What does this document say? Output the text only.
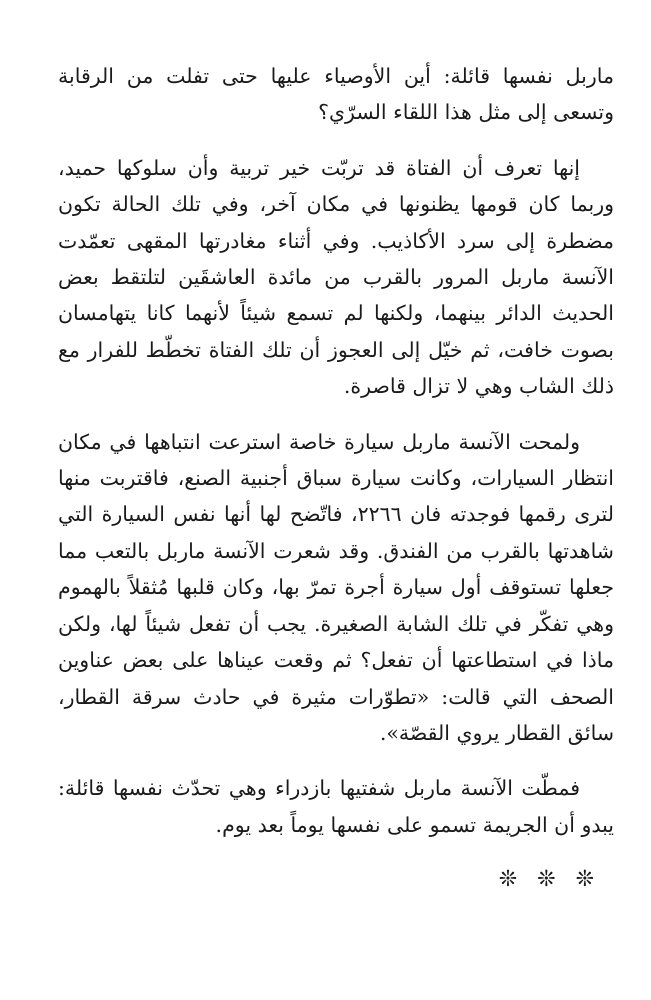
ماربل نفسها قائلة: أين الأوصياء عليها حتى تفلت من الرقابة وتسعى إلى مثل هذا اللقاء السرّي؟

إنها تعرف أن الفتاة قد تربّت خير تربية وأن سلوكها حميد، وربما كان قومها يظنونها في مكان آخر، وفي تلك الحالة تكون مضطرة إلى سرد الأكاذيب. وفي أثناء مغادرتها المقهى تعمّدت الآنسة ماربل المرور بالقرب من مائدة العاشقَين لتلتقط بعض الحديث الدائر بينهما، ولكنها لم تسمع شيئاً لأنهما كانا يتهامسان بصوت خافت، ثم خيّل إلى العجوز أن تلك الفتاة تخطّط للفرار مع ذلك الشاب وهي لا تزال قاصرة.

ولمحت الآنسة ماربل سيارة خاصة استرعت انتباهها في مكان انتظار السيارات، وكانت سيارة سباق أجنبية الصنع، فاقتربت منها لترى رقمها فوجدته فان ٢٢٦٦، فاتّضح لها أنها نفس السيارة التي شاهدتها بالقرب من الفندق. وقد شعرت الآنسة ماربل بالتعب مما جعلها تستوقف أول سيارة أجرة تمرّ بها، وكان قلبها مُثقلاً بالهموم وهي تفكّر في تلك الشابة الصغيرة. يجب أن تفعل شيئاً لها، ولكن ماذا في استطاعتها أن تفعل؟ ثم وقعت عيناها على بعض عناوين الصحف التي قالت: «تطوّرات مثيرة في حادث سرقة القطار، سائق القطار يروي القصّة».

فمطّت الآنسة ماربل شفتيها بازدراء وهي تحدّث نفسها قائلة: يبدو أن الجريمة تسمو على نفسها يوماً بعد يوم.

❊❊❊
